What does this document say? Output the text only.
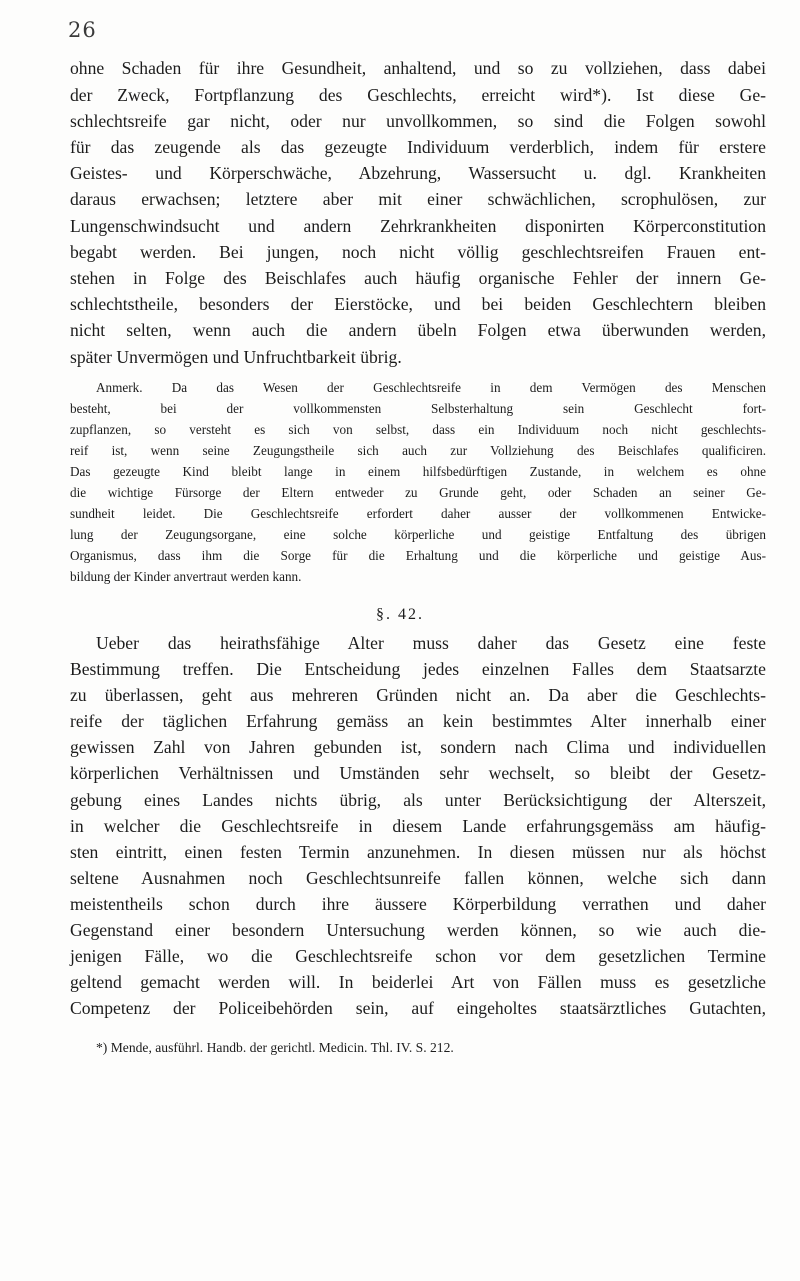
26
ohne Schaden für ihre Gesundheit, anhaltend, und so zu vollziehen, dass dabei
der Zweck, Fortpflanzung des Geschlechts, erreicht wird*). Ist diese Ge-
schlechtsreife gar nicht, oder nur unvollkommen, so sind die Folgen sowohl
für das zeugende als das gezeugte Individuum verderblich, indem für erstere
Geistes- und Körperschwäche, Abzehrung, Wassersucht u. dgl. Krankheiten
daraus erwachsen; letztere aber mit einer schwächlichen, scrophulösen, zur
Lungenschwindsucht und andern Zehrkrankheiten disponirten Körperconstitution
begabt werden. Bei jungen, noch nicht völlig geschlechtsreifen Frauen ent-
stehen in Folge des Beischlafes auch häufig organische Fehler der innern Ge-
schlechtstheile, besonders der Eierstöcke, und bei beiden Geschlechtern bleiben
nicht selten, wenn auch die andern übeln Folgen etwa überwunden werden,
später Unvermögen und Unfruchtbarkeit übrig.
Anmerk. Da das Wesen der Geschlechtsreife in dem Vermögen des Menschen
besteht, bei der vollkommensten Selbsterhaltung sein Geschlecht fort-
zupflanzen, so versteht es sich von selbst, dass ein Individuum noch nicht geschlechts-
reif ist, wenn seine Zeugungstheile sich auch zur Vollziehung des Beischlafes qualificiren.
Das gezeugte Kind bleibt lange in einem hilfsbedürftigen Zustande, in welchem es ohne
die wichtige Fürsorge der Eltern entweder zu Grunde geht, oder Schaden an seiner Ge-
sundheit leidet. Die Geschlechtsreife erfordert daher ausser der vollkommenen Entwicke-
lung der Zeugungsorgane, eine solche körperliche und geistige Entfaltung des übrigen
Organismus, dass ihm die Sorge für die Erhaltung und die körperliche und geistige Aus-
bildung der Kinder anvertraut werden kann.
§. 42.
Ueber das heirathsfähige Alter muss daher das Gesetz eine feste
Bestimmung treffen. Die Entscheidung jedes einzelnen Falles dem Staatsarzte
zu überlassen, geht aus mehreren Gründen nicht an. Da aber die Geschlechts-
reife der täglichen Erfahrung gemäss an kein bestimmtes Alter innerhalb einer
gewissen Zahl von Jahren gebunden ist, sondern nach Clima und individuellen
körperlichen Verhältnissen und Umständen sehr wechselt, so bleibt der Gesetz-
gebung eines Landes nichts übrig, als unter Berücksichtigung der Alterszeit,
in welcher die Geschlechtsreife in diesem Lande erfahrungsgemäss am häufig-
sten eintritt, einen festen Termin anzunehmen. In diesen müssen nur als höchst
seltene Ausnahmen noch Geschlechtsunreife fallen können, welche sich dann
meistentheils schon durch ihre äussere Körperbildung verrathen und daher
Gegenstand einer besondern Untersuchung werden können, so wie auch die-
jenigen Fälle, wo die Geschlechtsreife schon vor dem gesetzlichen Termine
geltend gemacht werden will. In beiderlei Art von Fällen muss es gesetzliche
Competenz der Policeibehörden sein, auf eingeholtes staatsärztliches Gutachten,
*) Mende, ausführl. Handb. der gerichtl. Medicin. Thl. IV. S. 212.
